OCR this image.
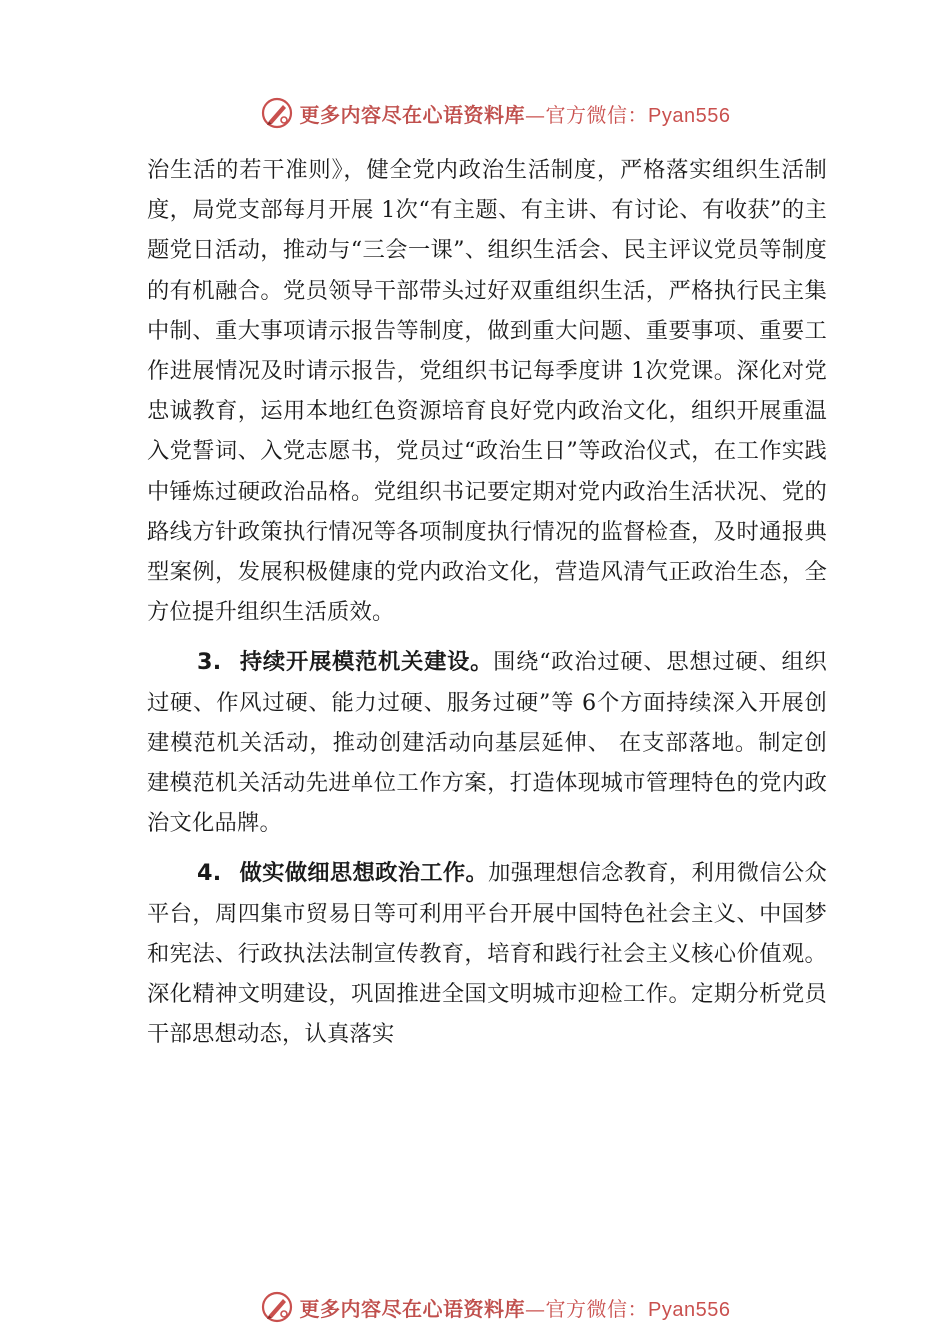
更多内容尽在心语资料库—官方微信：Pyan556

治生活的若干准则》，健全党内政治生活制度，严格落实组织生活制度，局党支部每月开展 1次“有主题、有主讲、有讨论、有收获”的主题党日活动，推动与“三会一课”、组织生活会、民主评议党员等制度的有机融合。党员领导干部带头过好双重组织生活，严格执行民主集中制、重大事项请示报告等制度，做到重大问题、重要事项、重要工作进展情况及时请示报告，党组织书记每季度讲 1次党课。深化对党忠诚教育，运用本地红色资源培育良好党内政治文化，组织开展重温入党誓词、入党志愿书，党员过“政治生日”等政治仪式，在工作实践中锤炼过硬政治品格。党组织书记要定期对党内政治生活状况、党的路线方针政策执行情况等各项制度执行情况的监督检查，及时通报典型案例，发展积极健康的党内政治文化，营造风清气正政治生态，全方位提升组织生活质效。

3. 持续开展模范机关建设。围绕“政治过硬、思想过硬、组织过硬、作风过硬、能力过硬、服务过硬”等 6个方面持续深入开展创建模范机关活动，推动创建活动向基层延伸、 在支部落地。制定创建模范机关活动先进单位工作方案，打造体现城市管理特色的党内政治文化品牌。

4. 做实做细思想政治工作。加强理想信念教育，利用微信公众平台，周四集市贸易日等可利用平台开展中国特色社会主义、中国梦和宪法、行政执法法制宣传教育，培育和践行社会主义核心价值观。深化精神文明建设，巩固推进全国文明城市迎检工作。定期分析党员干部思想动态，认真落实

更多内容尽在心语资料库—官方微信：Pyan556
